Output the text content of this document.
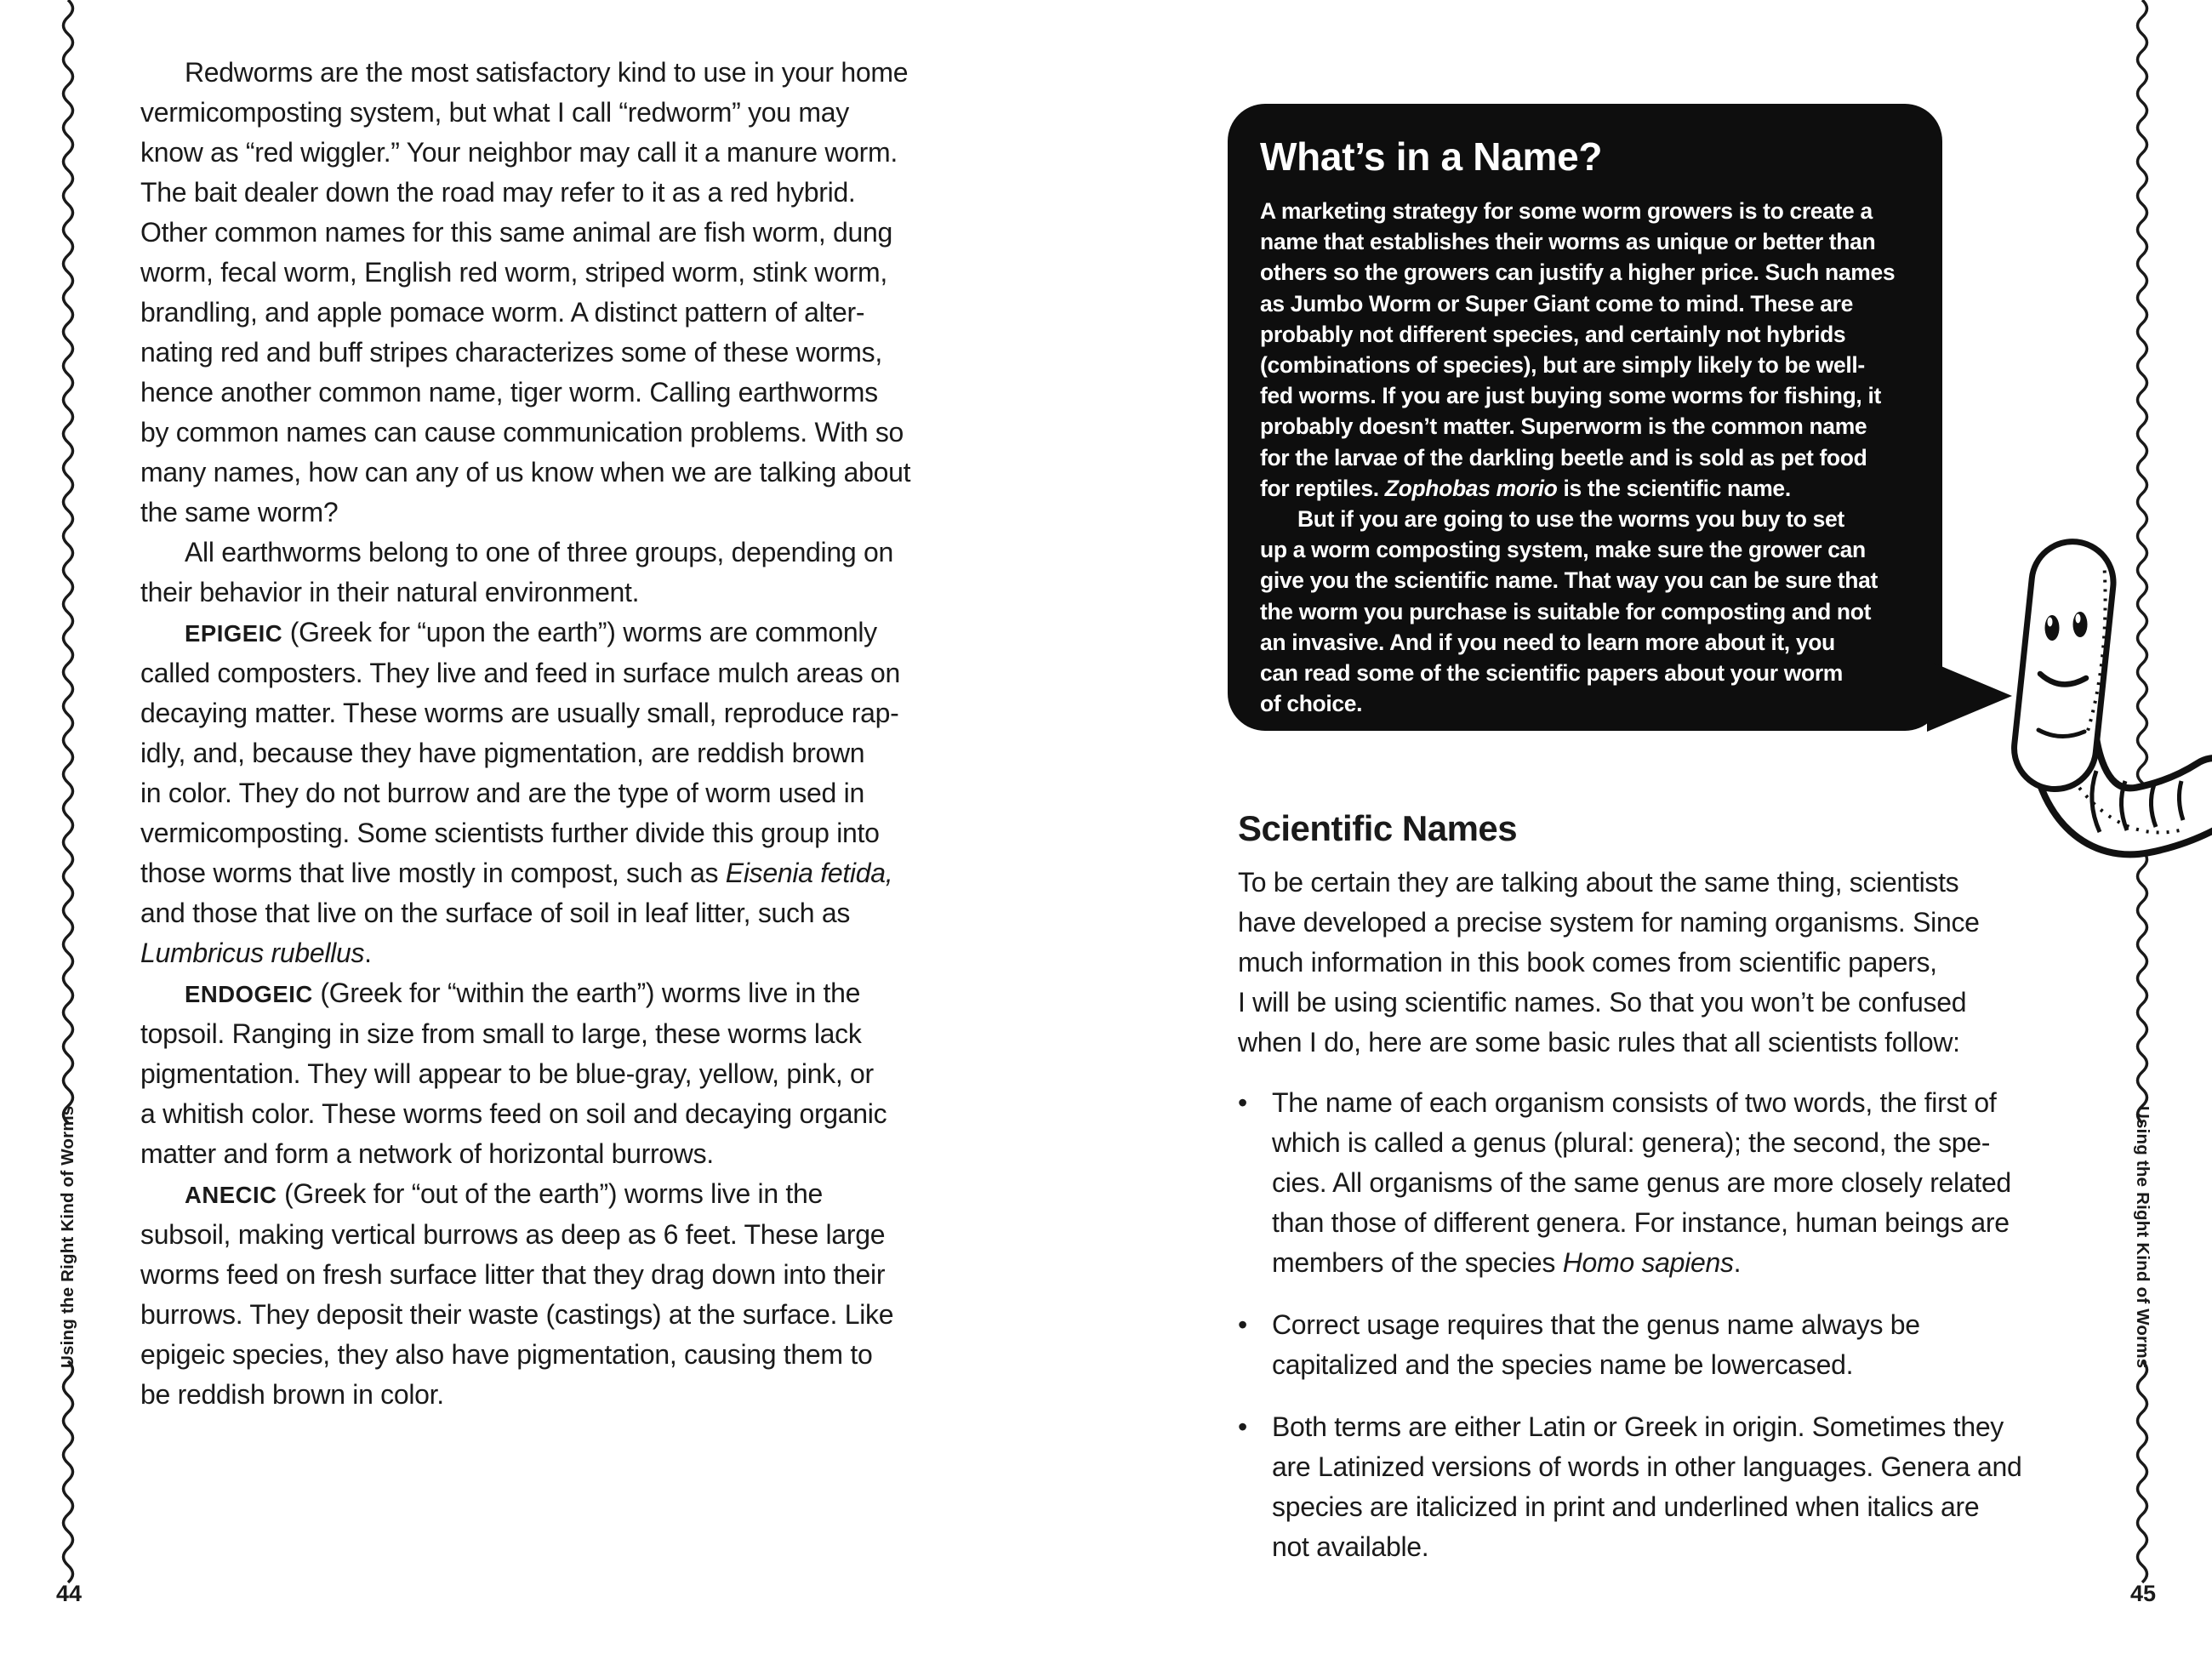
Redworms are the most satisfactory kind to use in your home
vermicomposting system, but what I call “redworm” you may
know as “red wiggler.” Your neighbor may call it a manure worm.
The bait dealer down the road may refer to it as a red hybrid.
Other common names for this same animal are fish worm, dung
worm, fecal worm, English red worm, striped worm, stink worm,
brandling, and apple pomace worm. A distinct pattern of alter-
nating red and buff stripes characterizes some of these worms,
hence another common name, tiger worm. Calling earthworms
by common names can cause communication problems. With so
many names, how can any of us know when we are talking about
the same worm?
All earthworms belong to one of three groups, depending on
their behavior in their natural environment.
EPIGEIC (Greek for “upon the earth”) worms are commonly
called composters. They live and feed in surface mulch areas on
decaying matter. These worms are usually small, reproduce rap-
idly, and, because they have pigmentation, are reddish brown
in color. They do not burrow and are the type of worm used in
vermicomposting. Some scientists further divide this group into
those worms that live mostly in compost, such as Eisenia fetida,
and those that live on the surface of soil in leaf litter, such as
Lumbricus rubellus.
ENDOGEIC (Greek for “within the earth”) worms live in the
topsoil. Ranging in size from small to large, these worms lack
pigmentation. They will appear to be blue-gray, yellow, pink, or
a whitish color. These worms feed on soil and decaying organic
matter and form a network of horizontal burrows.
ANECIC (Greek for “out of the earth”) worms live in the
subsoil, making vertical burrows as deep as 6 feet. These large
worms feed on fresh surface litter that they drag down into their
burrows. They deposit their waste (castings) at the surface. Like
epigeic species, they also have pigmentation, causing them to
be reddish brown in color.
What’s in a Name?
A marketing strategy for some worm growers is to create a
name that establishes their worms as unique or better than
others so the growers can justify a higher price. Such names
as Jumbo Worm or Super Giant come to mind. These are
probably not different species, and certainly not hybrids
(combinations of species), but are simply likely to be well-
fed worms. If you are just buying some worms for fishing, it
probably doesn’t matter. Superworm is the common name
for the larvae of the darkling beetle and is sold as pet food
for reptiles. Zophobas morio is the scientific name.
But if you are going to use the worms you buy to set
up a worm composting system, make sure the grower can
give you the scientific name. That way you can be sure that
the worm you purchase is suitable for composting and not
an invasive. And if you need to learn more about it, you
can read some of the scientific papers about your worm
of choice.
Scientific Names
To be certain they are talking about the same thing, scientists
have developed a precise system for naming organisms. Since
much information in this book comes from scientific papers,
I will be using scientific names. So that you won’t be confused
when I do, here are some basic rules that all scientists follow:
• The name of each organism consists of two words, the first of
which is called a genus (plural: genera); the second, the spe-
cies. All organisms of the same genus are more closely related
than those of different genera. For instance, human beings are
members of the species Homo sapiens.
• Correct usage requires that the genus name always be
capitalized and the species name be lowercased.
• Both terms are either Latin or Greek in origin. Sometimes they
are Latinized versions of words in other languages. Genera and
species are italicized in print and underlined when italics are
not available.
Using the Right Kind of Worms	Using the Right Kind of Worms
44	45
